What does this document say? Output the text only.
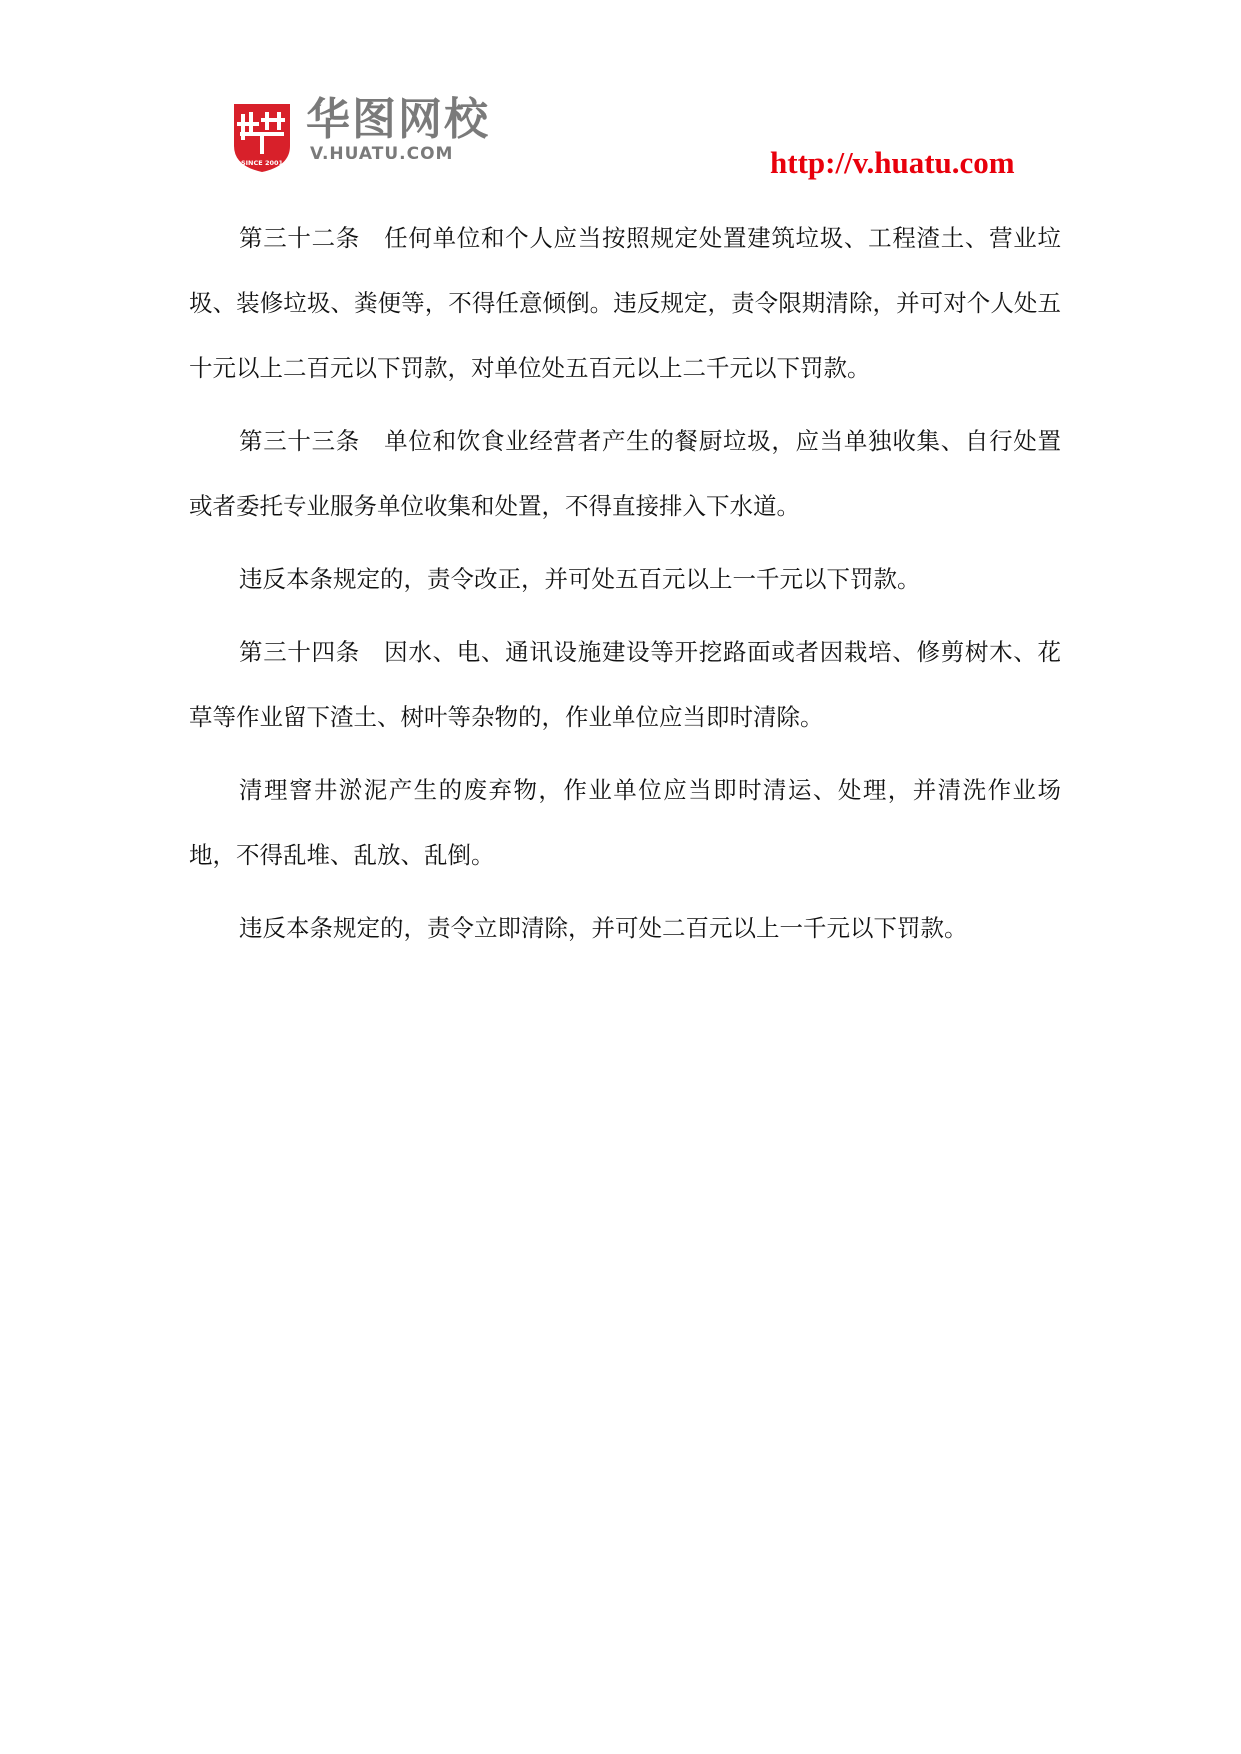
SINCE 2001
华图网校
V.HUATU.COM	http://v.huatu.com

第三十二条　任何单位和个人应当按照规定处置建筑垃圾、工程渣土、营业垃圾、装修垃圾、粪便等，不得任意倾倒。违反规定，责令限期清除，并可对个人处五十元以上二百元以下罚款，对单位处五百元以上二千元以下罚款。

第三十三条　单位和饮食业经营者产生的餐厨垃圾，应当单独收集、自行处置或者委托专业服务单位收集和处置，不得直接排入下水道。

违反本条规定的，责令改正，并可处五百元以上一千元以下罚款。

第三十四条　因水、电、通讯设施建设等开挖路面或者因栽培、修剪树木、花草等作业留下渣土、树叶等杂物的，作业单位应当即时清除。

清理窨井淤泥产生的废弃物，作业单位应当即时清运、处理，并清洗作业场地，不得乱堆、乱放、乱倒。

违反本条规定的，责令立即清除，并可处二百元以上一千元以下罚款。
